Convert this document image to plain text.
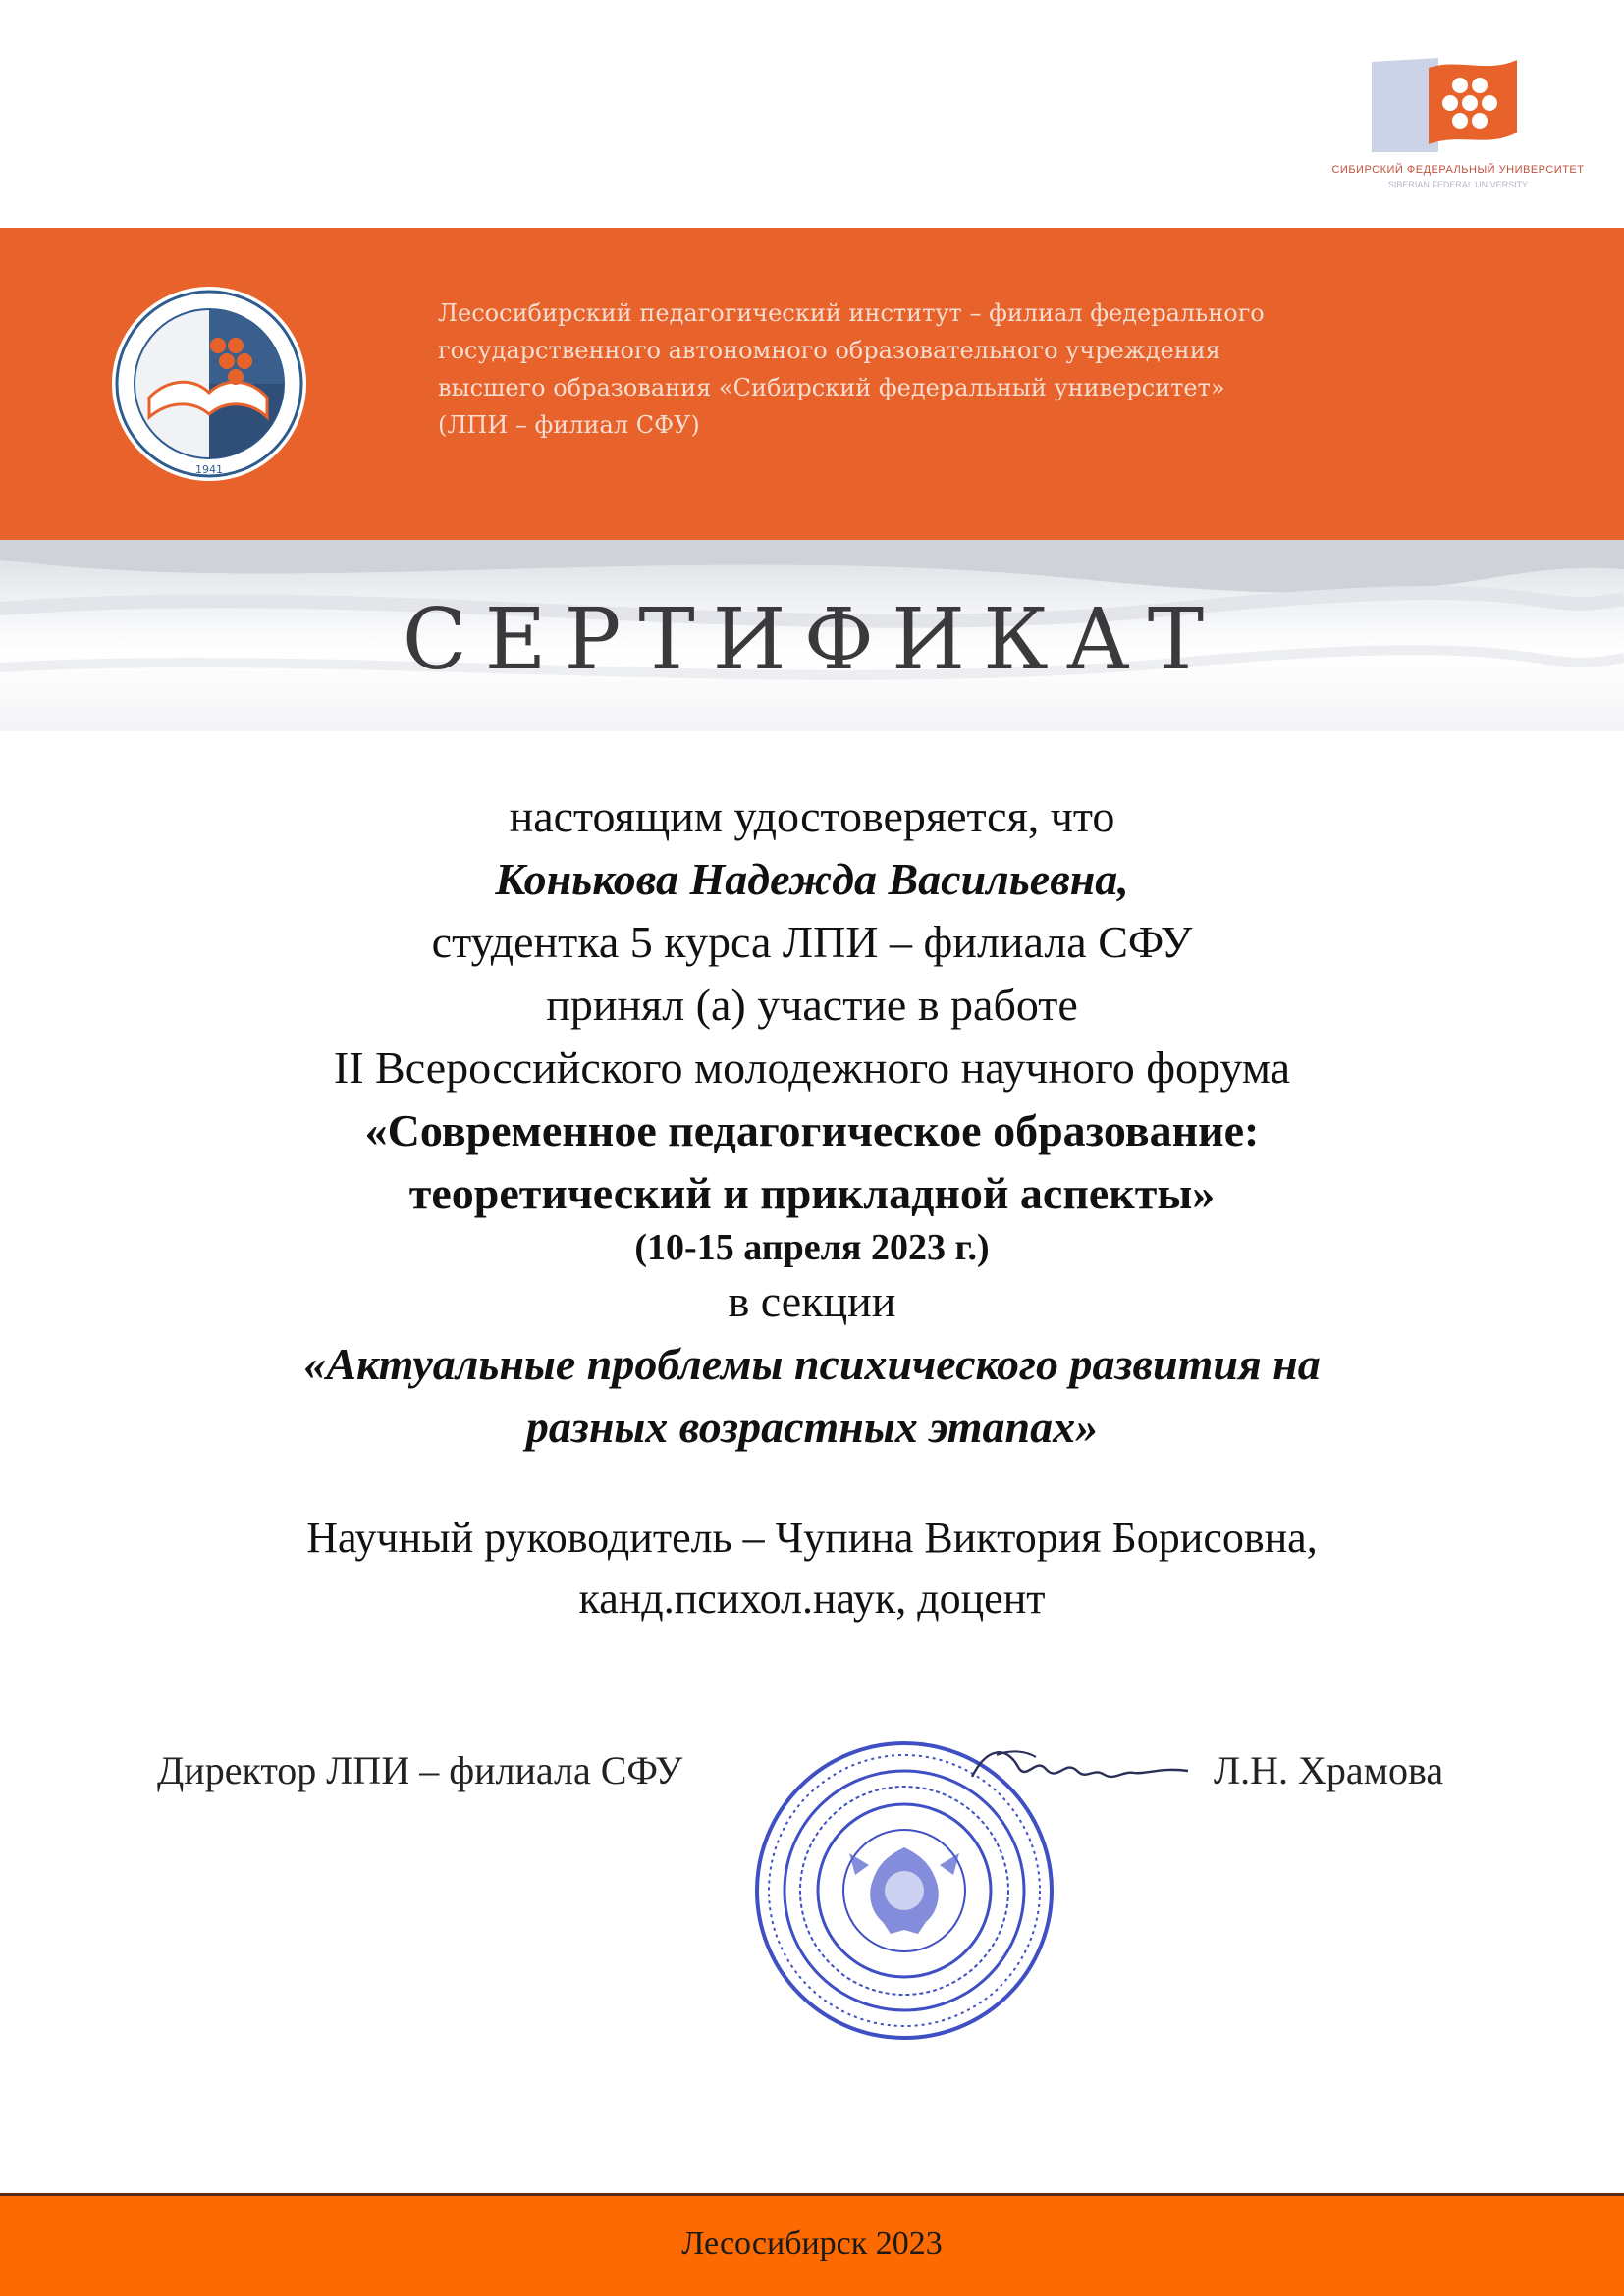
СИБИРСКИЙ ФЕДЕРАЛЬНЫЙ УНИВЕРСИТЕТ
SIBERIAN FEDERAL UNIVERSITY
1941
Лесосибирский педагогический институт – филиал федерального
государственного автономного образовательного учреждения
высшего образования «Сибирский федеральный университет»
(ЛПИ – филиал СФУ)
СЕРТИФИКАТ
настоящим удостоверяется, что
Конькова Надежда Васильевна,
студентка 5 курса ЛПИ – филиала СФУ
принял (а) участие в работе
II Всероссийского молодежного научного форума
«Современное педагогическое образование:
теоретический и прикладной аспекты»
(10-15 апреля 2023 г.)
в секции
«Актуальные проблемы психического развития на
разных возрастных этапах»
Научный руководитель – Чупина Виктория Борисовна,
канд.психол.наук, доцент
Директор ЛПИ – филиала СФУ	Л.Н. Храмова
Лесосибирск 2023
